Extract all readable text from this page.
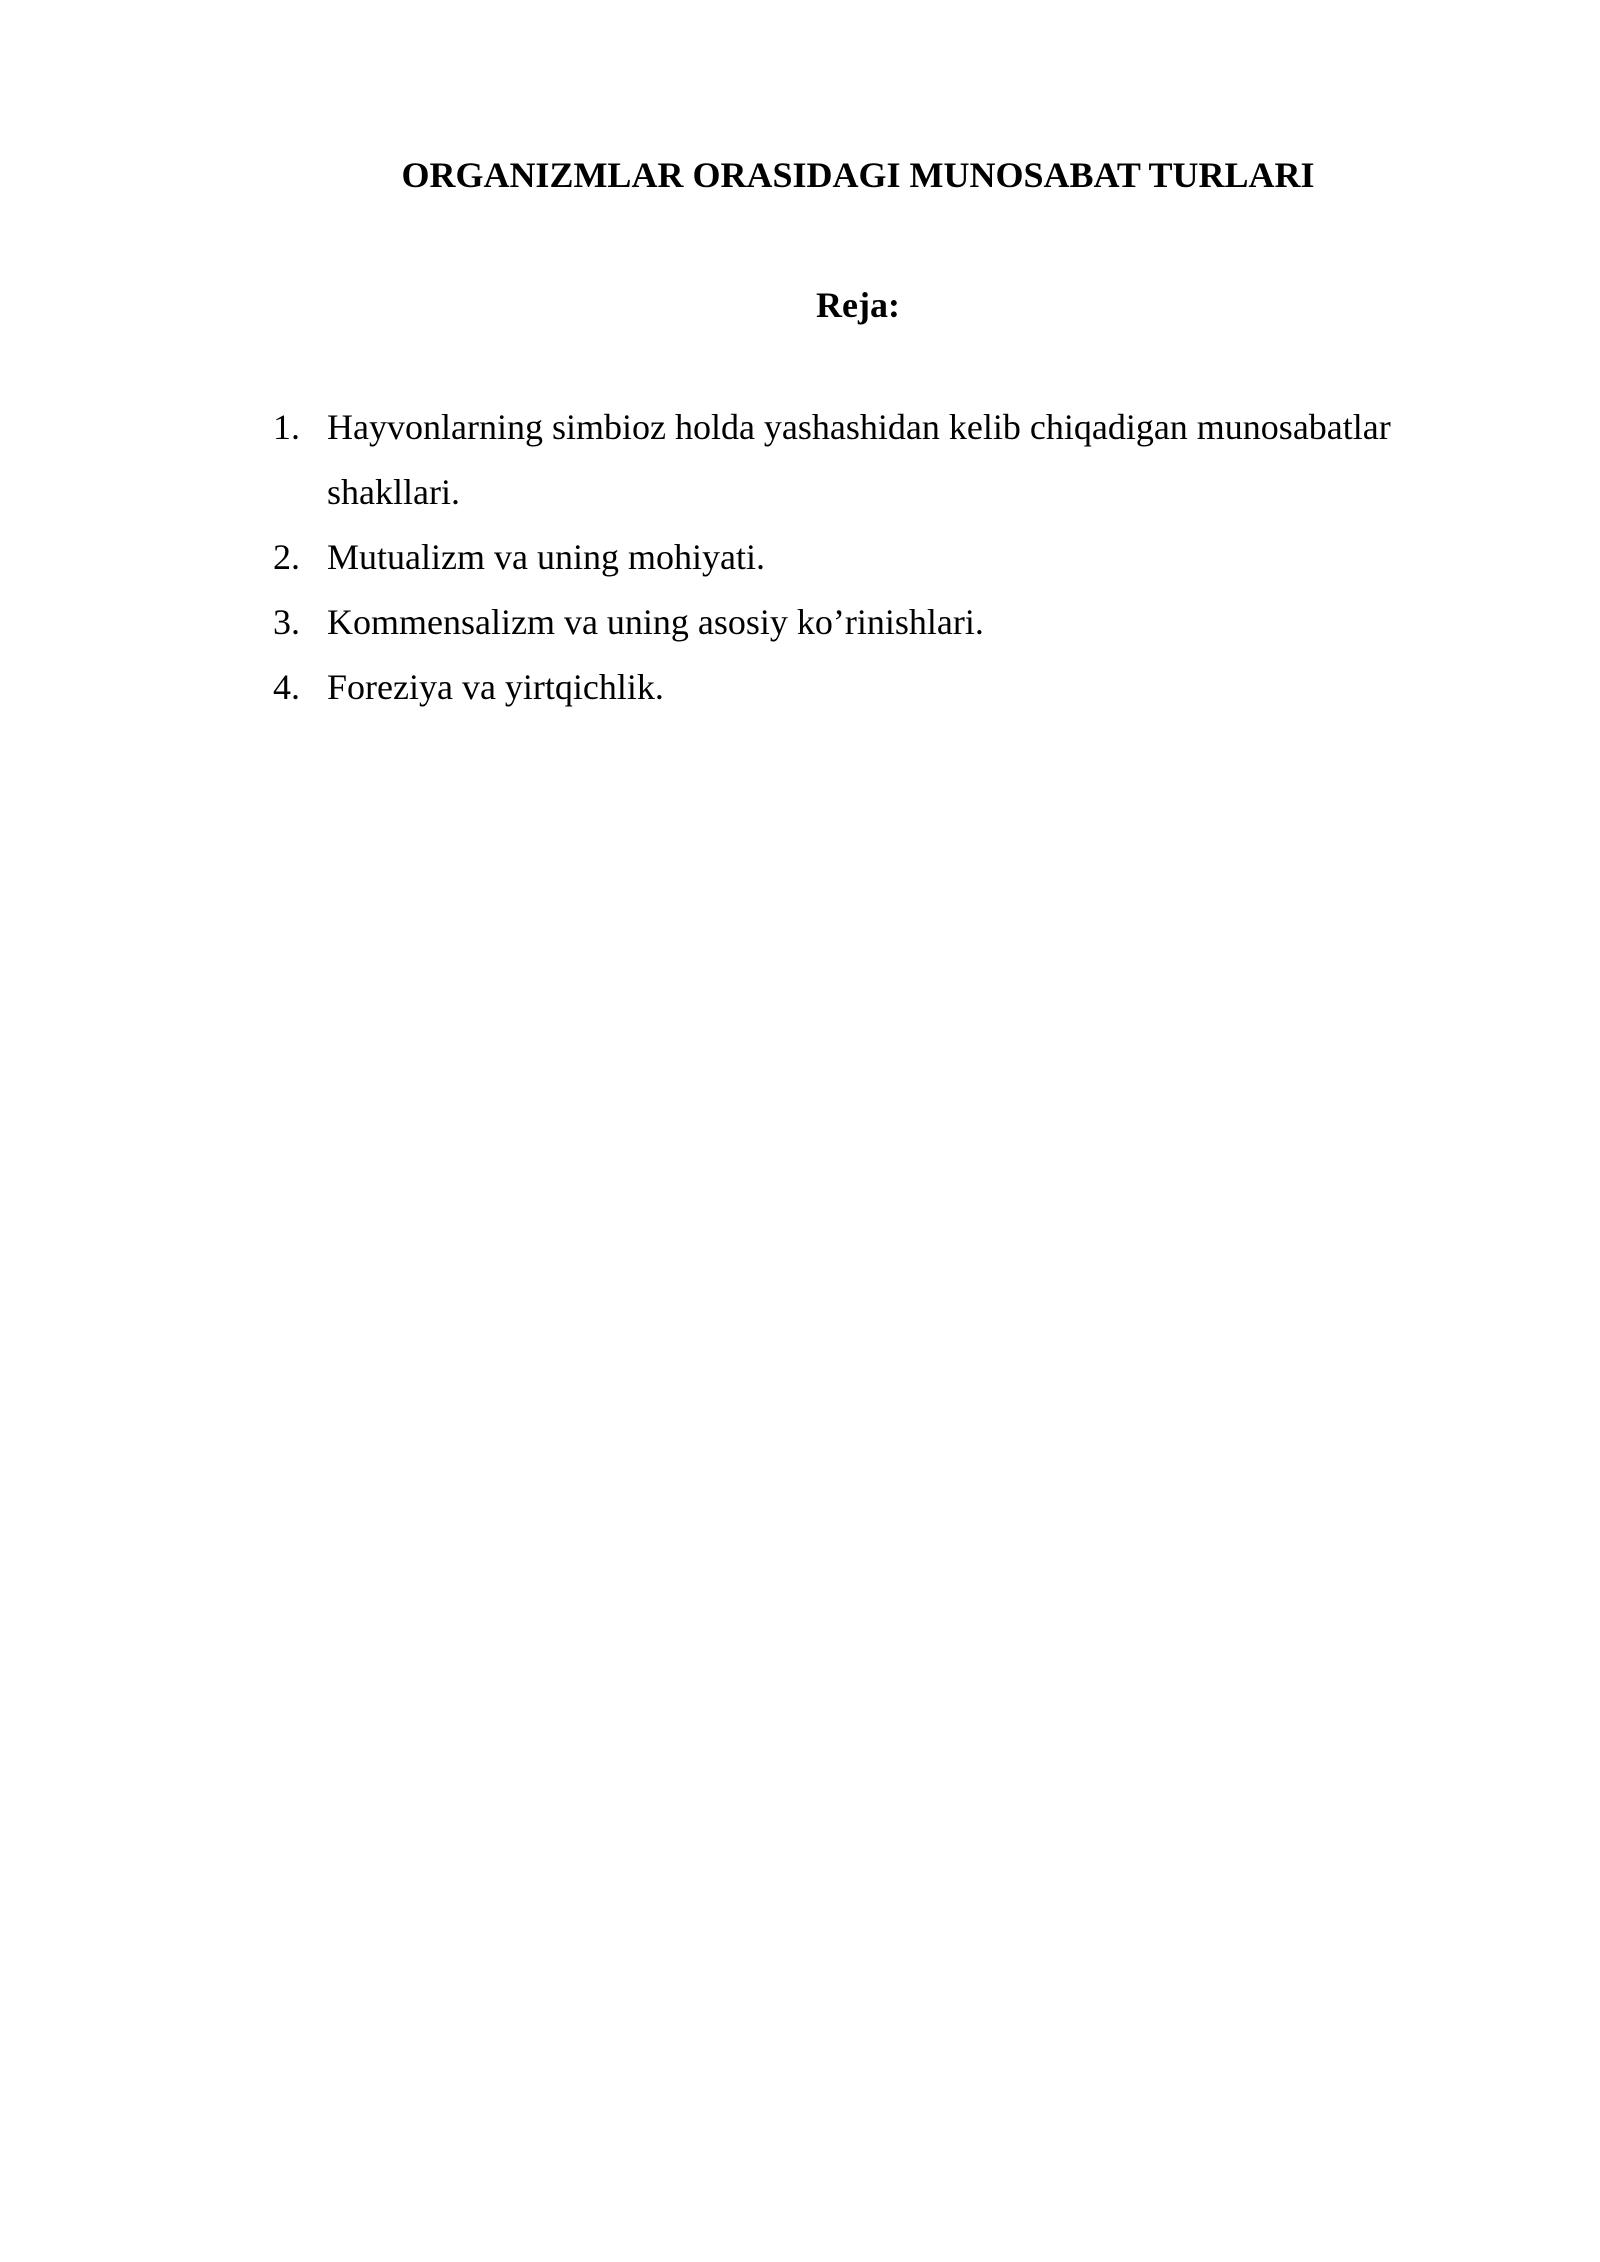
ORGANIZMLAR ORASIDAGI MUNOSABAT TURLARI
Reja:
1. Hayvonlarning simbioz holda yashashidan kelib chiqadigan munosabatlar shakllari.
2. Mutualizm va uning mohiyati.
3. Kommensalizm va uning asosiy ko’rinishlari.
4. Foreziya va yirtqichlik.
